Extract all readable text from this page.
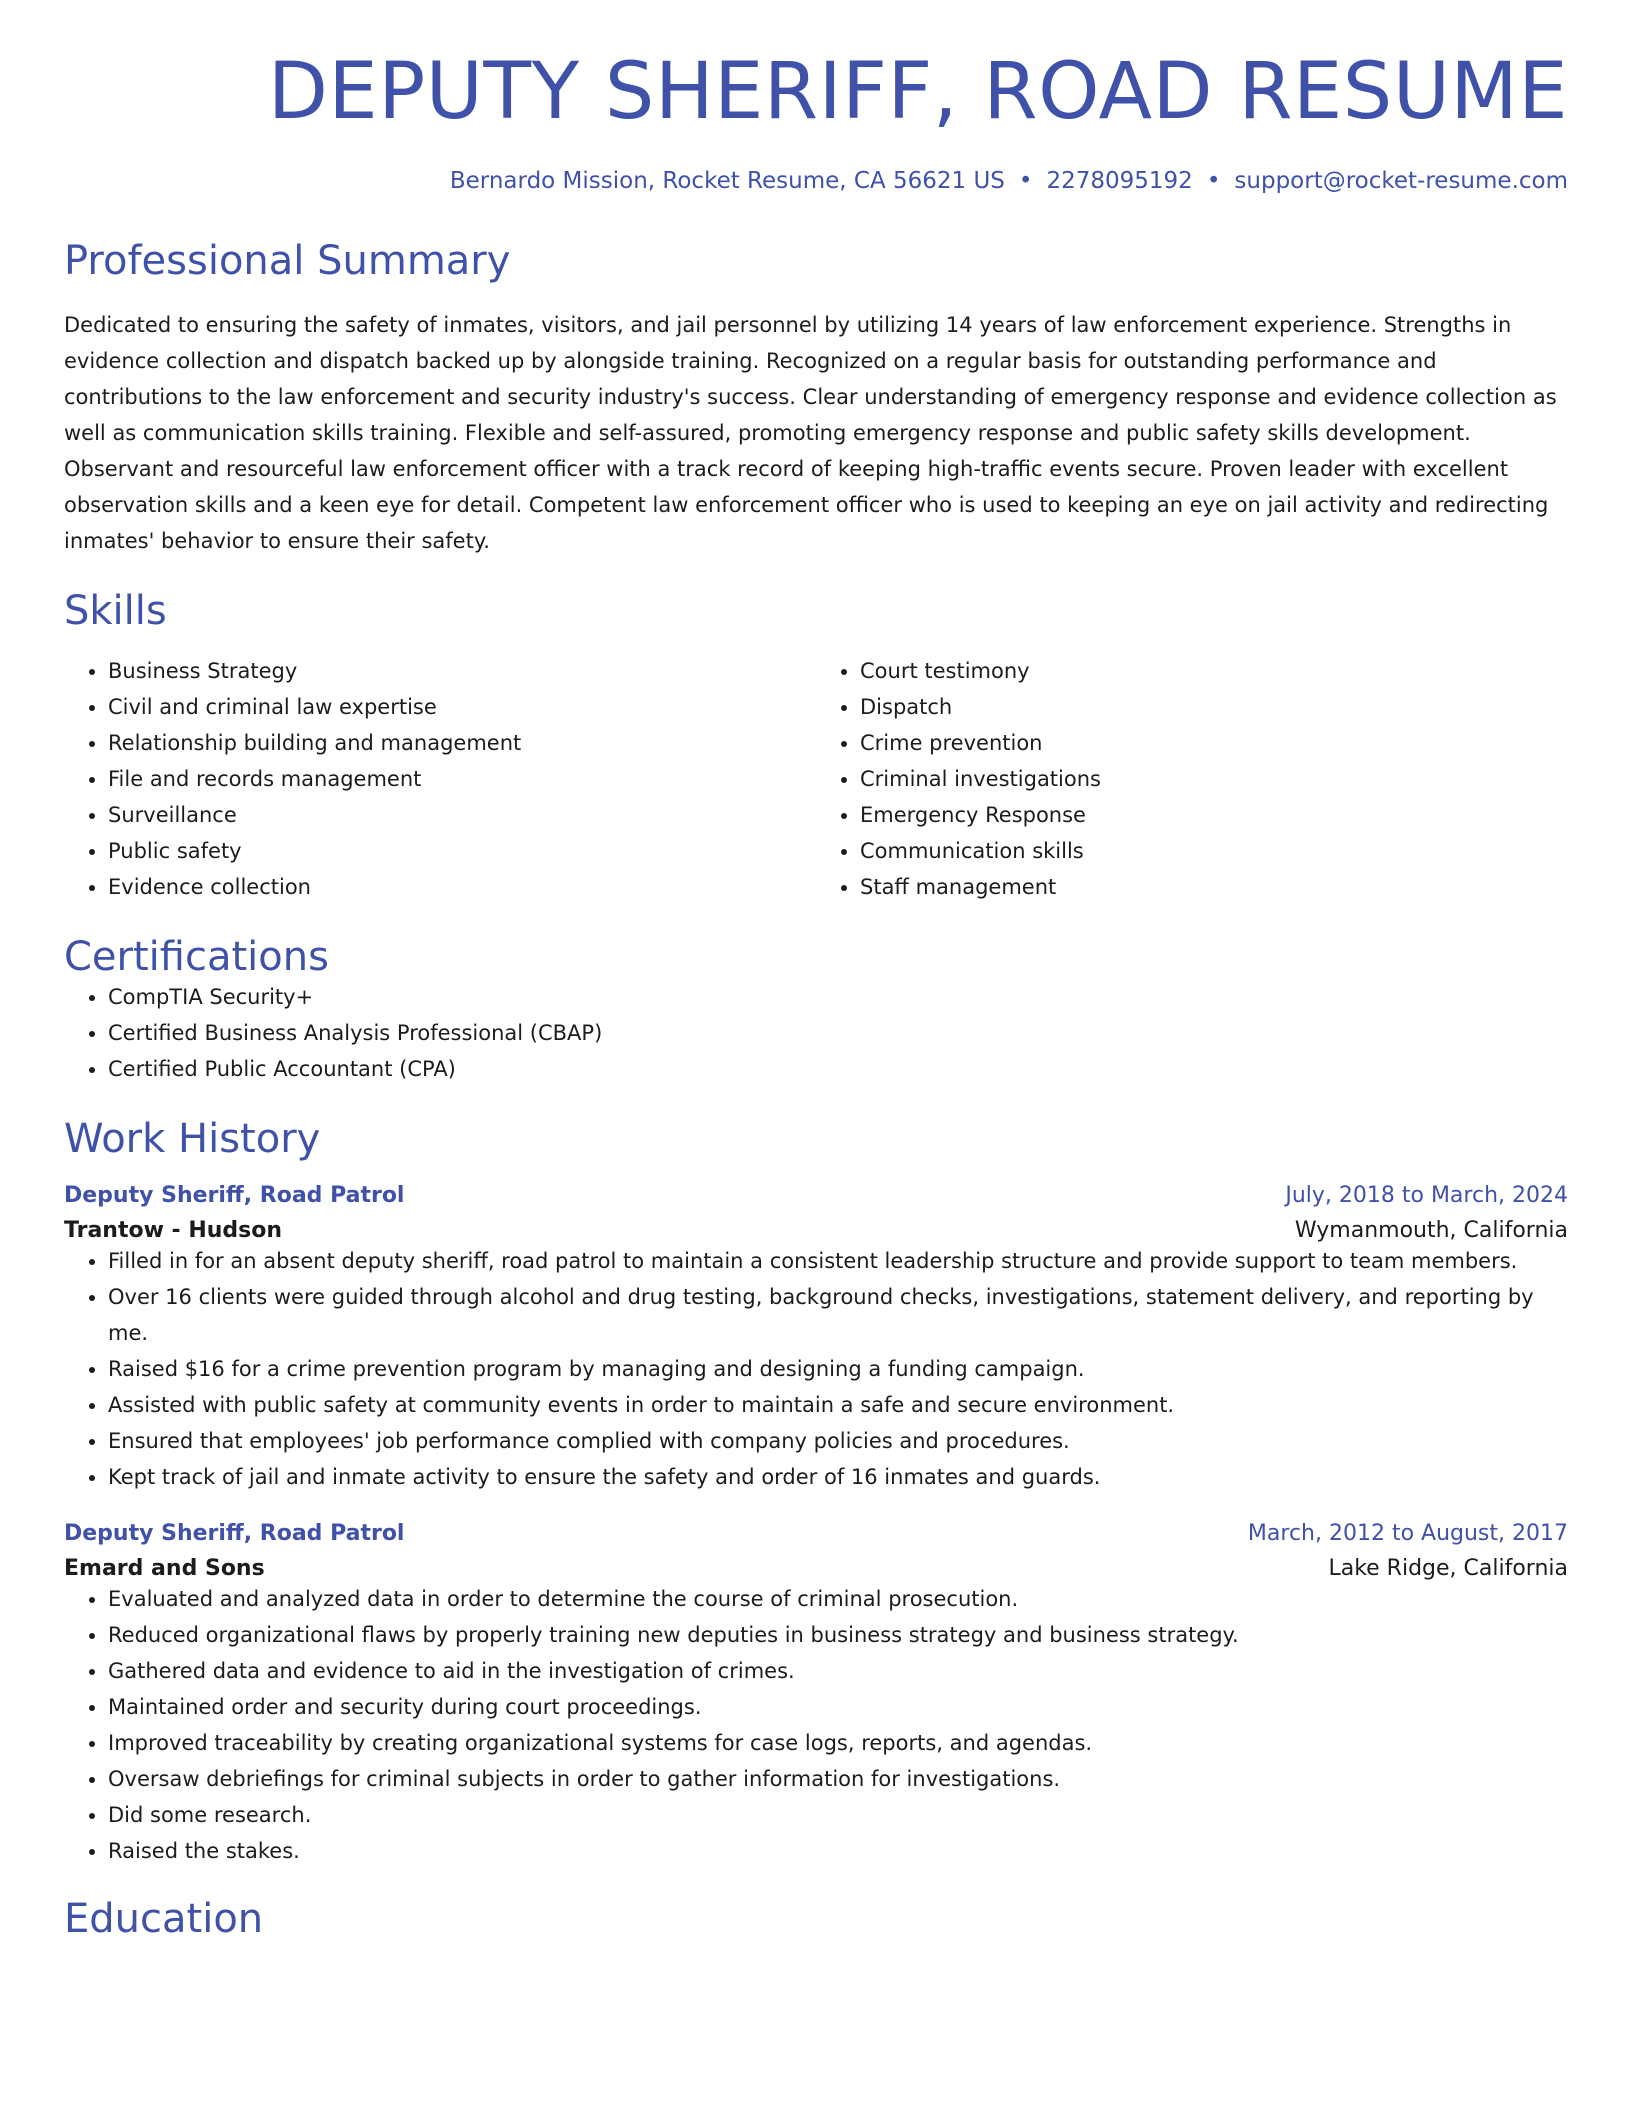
DEPUTY SHERIFF, ROAD RESUME
Bernardo Mission, Rocket Resume, CA 56621 US • 2278095192 • support@rocket-resume.com
Professional Summary
Dedicated to ensuring the safety of inmates, visitors, and jail personnel by utilizing 14 years of law enforcement experience. Strengths in evidence collection and dispatch backed up by alongside training. Recognized on a regular basis for outstanding performance and contributions to the law enforcement and security industry's success. Clear understanding of emergency response and evidence collection as well as communication skills training. Flexible and self-assured, promoting emergency response and public safety skills development. Observant and resourceful law enforcement officer with a track record of keeping high-traffic events secure. Proven leader with excellent observation skills and a keen eye for detail. Competent law enforcement officer who is used to keeping an eye on jail activity and redirecting inmates' behavior to ensure their safety.
Skills
• Business Strategy
• Civil and criminal law expertise
• Relationship building and management
• File and records management
• Surveillance
• Public safety
• Evidence collection
• Court testimony
• Dispatch
• Crime prevention
• Criminal investigations
• Emergency Response
• Communication skills
• Staff management
Certifications
• CompTIA Security+
• Certified Business Analysis Professional (CBAP)
• Certified Public Accountant (CPA)
Work History
Deputy Sheriff, Road Patrol	July, 2018 to March, 2024
Trantow - Hudson	Wymanmouth, California
• Filled in for an absent deputy sheriff, road patrol to maintain a consistent leadership structure and provide support to team members.
• Over 16 clients were guided through alcohol and drug testing, background checks, investigations, statement delivery, and reporting by me.
• Raised $16 for a crime prevention program by managing and designing a funding campaign.
• Assisted with public safety at community events in order to maintain a safe and secure environment.
• Ensured that employees' job performance complied with company policies and procedures.
• Kept track of jail and inmate activity to ensure the safety and order of 16 inmates and guards.
Deputy Sheriff, Road Patrol	March, 2012 to August, 2017
Emard and Sons	Lake Ridge, California
• Evaluated and analyzed data in order to determine the course of criminal prosecution.
• Reduced organizational flaws by properly training new deputies in business strategy and business strategy.
• Gathered data and evidence to aid in the investigation of crimes.
• Maintained order and security during court proceedings.
• Improved traceability by creating organizational systems for case logs, reports, and agendas.
• Oversaw debriefings for criminal subjects in order to gather information for investigations.
• Did some research.
• Raised the stakes.
Education
